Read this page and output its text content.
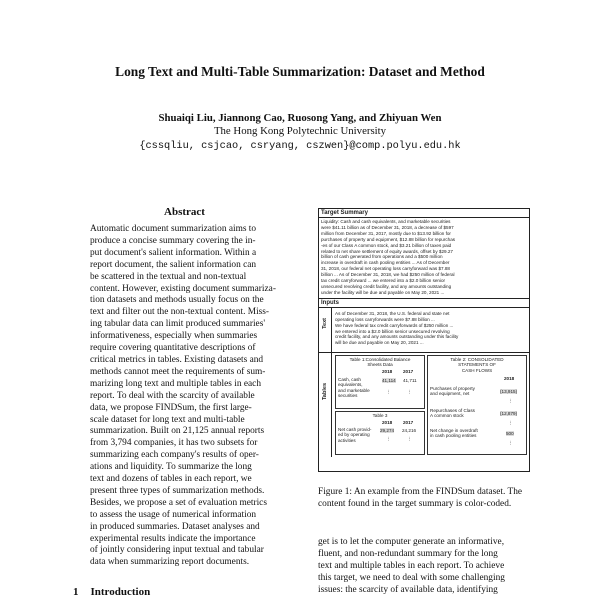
Long Text and Multi-Table Summarization: Dataset and Method
Shuaiqi Liu, Jiannong Cao, Ruosong Yang, and Zhiyuan Wen
The Hong Kong Polytechnic University
{cssqliu, csjcao, csryang, cszwen}@comp.polyu.edu.hk
Abstract
Automatic document summarization aims to
produce a concise summary covering the in-
put document's salient information. Within a
report document, the salient information can
be scattered in the textual and non-textual
content. However, existing document summariza-
tion datasets and methods usually focus on the
text and filter out the non-textual content. Miss-
ing tabular data can limit produced summaries'
informativeness, especially when summaries
require covering quantitative descriptions of
critical metrics in tables. Existing datasets and
methods cannot meet the requirements of sum-
marizing long text and multiple tables in each
report. To deal with the scarcity of available
data, we propose FINDSum, the first large-
scale dataset for long text and multi-table
summarization. Built on 21,125 annual reports
from 3,794 companies, it has two subsets for
summarizing each company's results of oper-
ations and liquidity. To summarize the long
text and dozens of tables in each report, we
present three types of summarization methods.
Besides, we propose a set of evaluation metrics
to assess the usage of numerical information
in produced summaries. Dataset analyses and
experimental results indicate the importance
of jointly considering input textual and tabular
data when summarizing report documents.
1 Introduction
Target Summary
Liquidity: Cash and cash equivalents, and marketable securities
were $41.11 billion as of December 31, 2018, a decrease of $597
million from December 31, 2017, mostly due to $13.92 billion for
purchases of property and equipment, $12.88 billion for repurchas
-es of our Class A common stock, and $3.21 billion of taxes paid
related to net share settlement of equity awards, offset by $29.27
billion of cash generated from operations and a $500 million
increase in overdraft in cash pooling entities ... As of December
31, 2018, our federal net operating loss carryforward was $7.88
billion ... As of December 31, 2018, we had $250 million of federal
tax credit carryforward ... we entered into a $2.0 billion senior
unsecured revolving credit facility, and any amounts outstanding
under the facility will be due and payable on May 20, 2021 ...
Inputs
Text
As of December 31, 2018, the U.S. federal and state net
operating loss carryforwards were $7.88 billion ...
We have federal tax credit carryforwards of $250 million ...
we entered into a $2.0 billion senior unsecured revolving
credit facility, and any amounts outstanding under this facility
will be due and payable on May 20, 2021 ...
Tables
Table 1:Consolidated Balance
Sheets Data
2018 2017
Cash, cash
equivalents,
and marketable
securities
41,114 41,711
⋮	⋮
Table 3
2018 2017
Net cash provid-
ed by operating
activities
29,274 24,216
⋮	⋮
Table 2: CONSOLIDATED
STATEMENTS OF
CASH FLOWS
2018
Purchases of property
and equipment, net	(13,915)
⋮
Repurchases of Class
A common stock	(12,879)
⋮
Net change in overdraft
in cash pooling entities	500
⋮
Figure 1: An example from the FINDSum dataset. The
content found in the target summary is color-coded.
get is to let the computer generate an informative,
fluent, and non-redundant summary for the long
text and multiple tables in each report. To achieve
this target, we need to deal with some challenging
issues: the scarcity of available data, identifying
